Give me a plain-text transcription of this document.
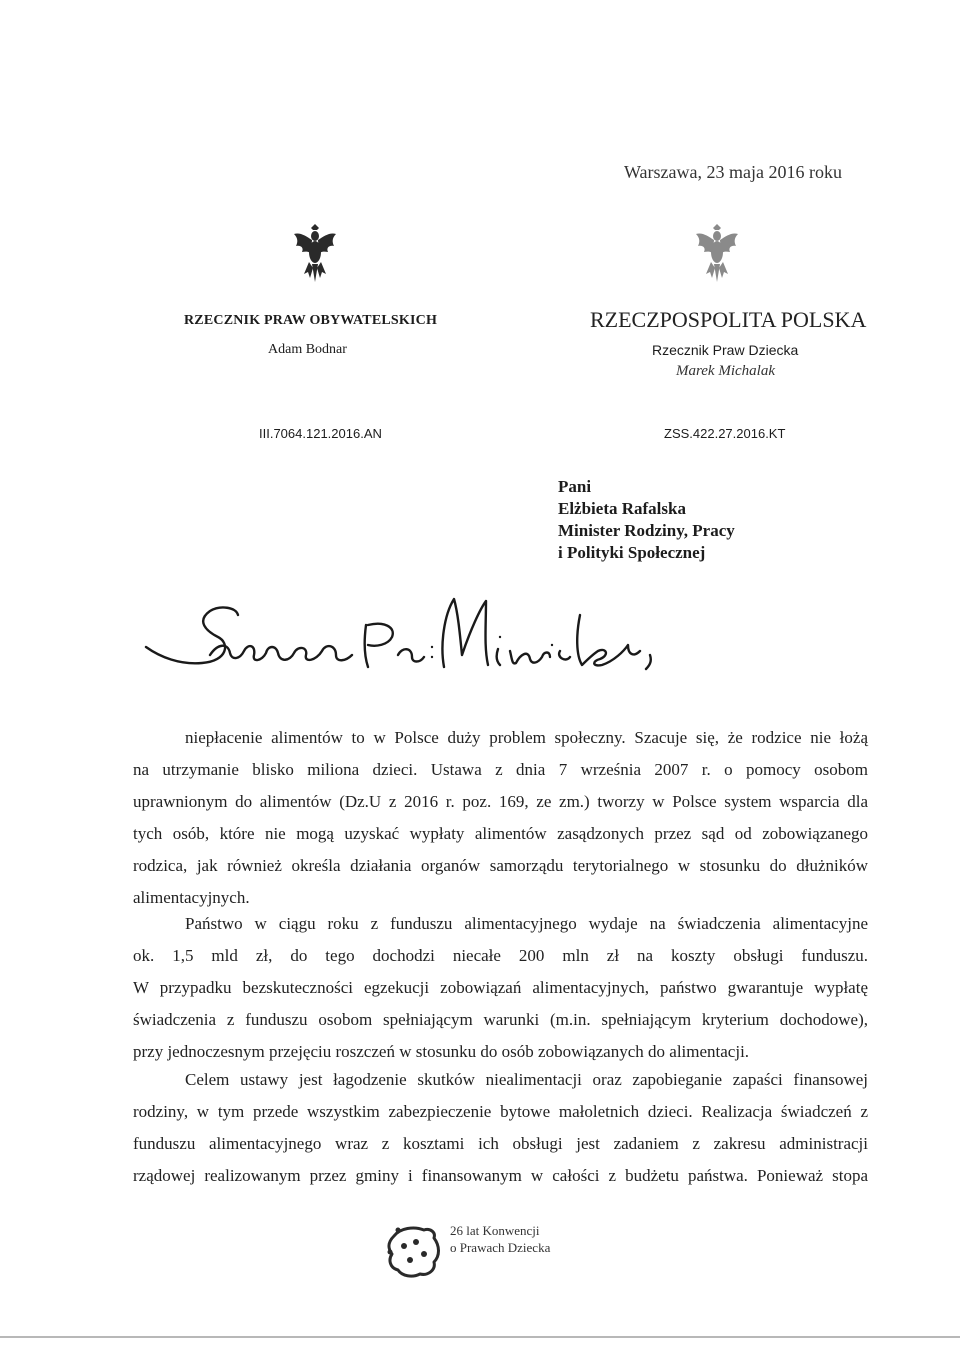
Warszawa, 23 maja 2016 roku
RZECZNIK PRAW OBYWATELSKICH
Adam Bodnar
III.7064.121.2016.AN
RZECZPOSPOLITA POLSKA
Rzecznik Praw Dziecka
Marek Michalak
ZSS.422.27.2016.KT
Pani
Elżbieta Rafalska
Minister Rodziny, Pracy
i Polityki Społecznej
niepłacenie alimentów to w Polsce duży problem społeczny. Szacuje się, że rodzice nie łożą
na utrzymanie blisko miliona dzieci. Ustawa z dnia 7 września 2007 r. o pomocy osobom
uprawnionym do alimentów (Dz.U z 2016 r. poz. 169, ze zm.) tworzy w Polsce system wsparcia dla
tych osób, które nie mogą uzyskać wypłaty alimentów zasądzonych przez sąd od zobowiązanego
rodzica, jak również określa działania organów samorządu terytorialnego w stosunku do dłużników
alimentacyjnych.
Państwo w ciągu roku z funduszu alimentacyjnego wydaje na świadczenia alimentacyjne
ok. 1,5 mld zł, do tego dochodzi niecałe 200 mln zł na koszty obsługi funduszu.
W przypadku bezskuteczności egzekucji zobowiązań alimentacyjnych, państwo gwarantuje wypłatę
świadczenia z funduszu osobom spełniającym warunki (m.in. spełniającym kryterium dochodowe),
przy jednoczesnym przejęciu roszczeń w stosunku do osób zobowiązanych do alimentacji.
Celem ustawy jest łagodzenie skutków niealimentacji oraz zapobieganie zapaści finansowej
rodziny, w tym przede wszystkim zabezpieczenie bytowe małoletnich dzieci. Realizacja świadczeń z
funduszu alimentacyjnego wraz z kosztami ich obsługi jest zadaniem z zakresu administracji
rządowej realizowanym przez gminy i finansowanym w całości z budżetu państwa. Ponieważ stopa
26 lat Konwencji
o Prawach Dziecka
